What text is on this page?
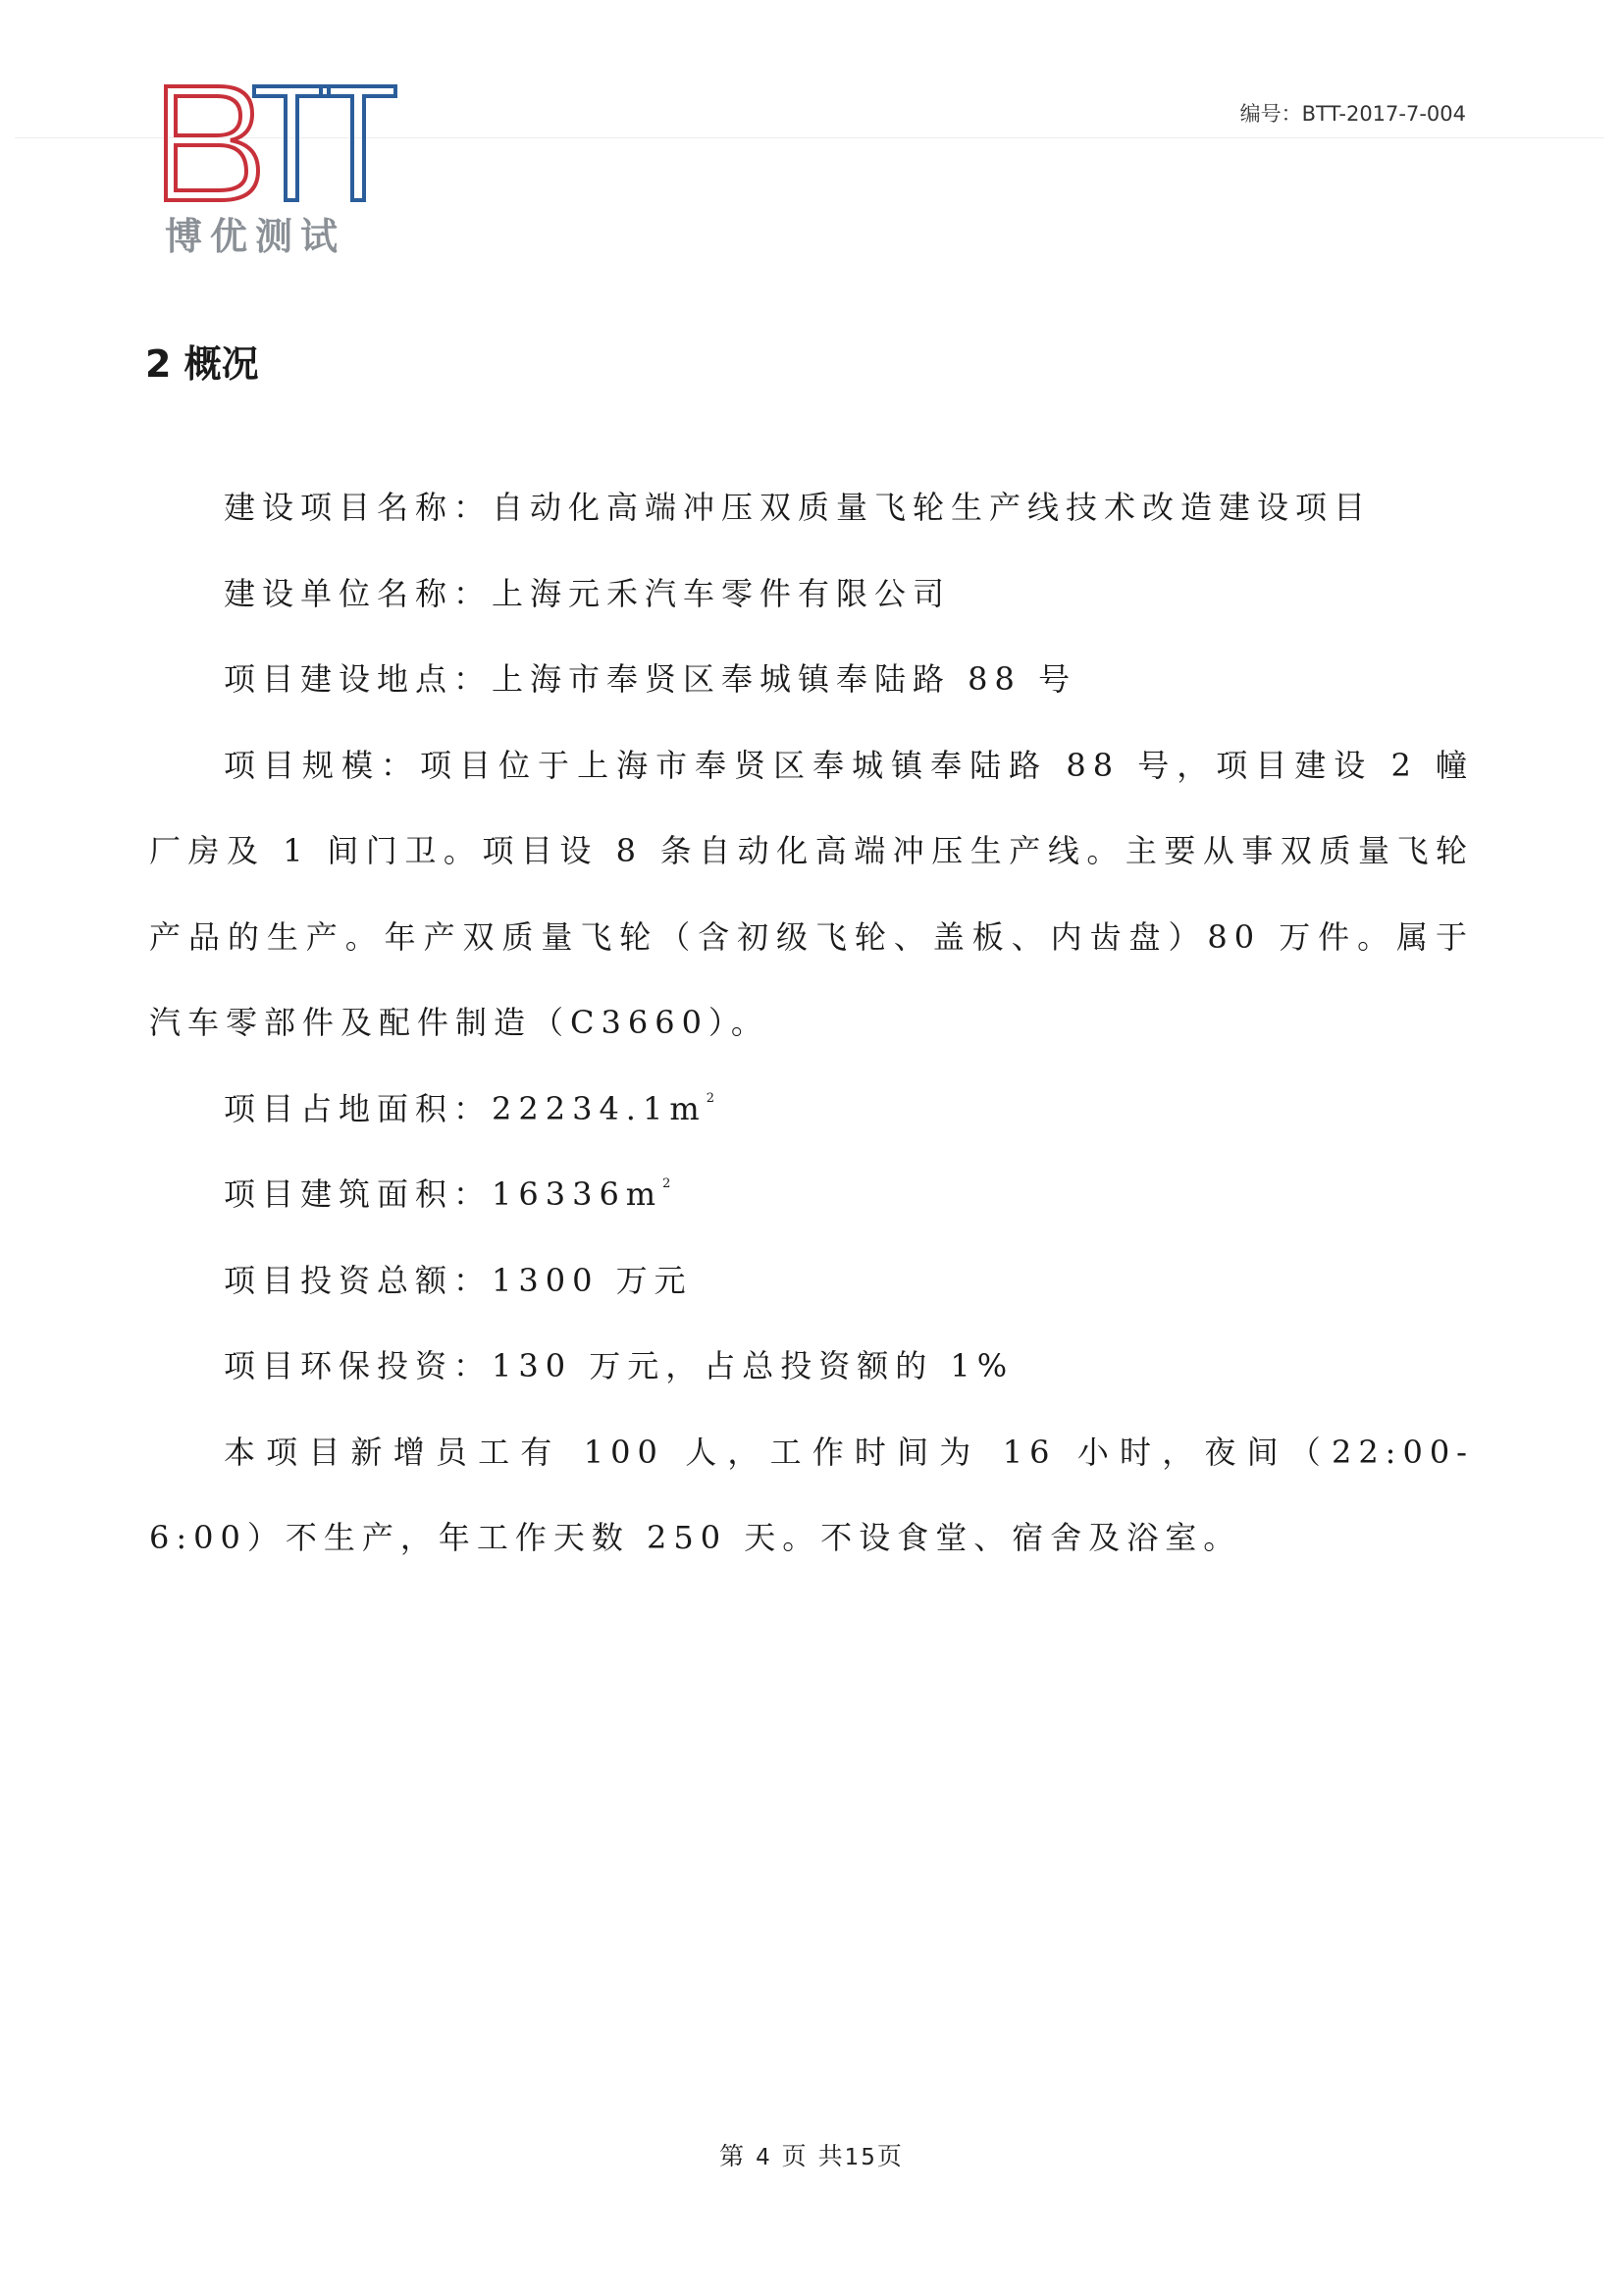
博优测试
编号：BTT-2017-7-004
2 概况

建设项目名称：自动化高端冲压双质量飞轮生产线技术改造建设项目

建设单位名称：上海元禾汽车零件有限公司

项目建设地点：上海市奉贤区奉城镇奉陆路 88 号

项目规模：项目位于上海市奉贤区奉城镇奉陆路 88 号，项目建设 2 幢厂房及 1 间门卫。项目设 8 条自动化高端冲压生产线。主要从事双质量飞轮产品的生产。年产双质量飞轮（含初级飞轮、盖板、内齿盘）80 万件。属于汽车零部件及配件制造（C3660）。

项目占地面积：$22234.1m^2$

项目建筑面积：$16336m^2$

项目投资总额：1300 万元

项目环保投资：130 万元，占总投资额的 1%

本项目新增员工有 100 人，工作时间为 16 小时，夜间（22:00-6:00）不生产，年工作天数 250 天。不设食堂、宿舍及浴室。

第 4 页 共15页
